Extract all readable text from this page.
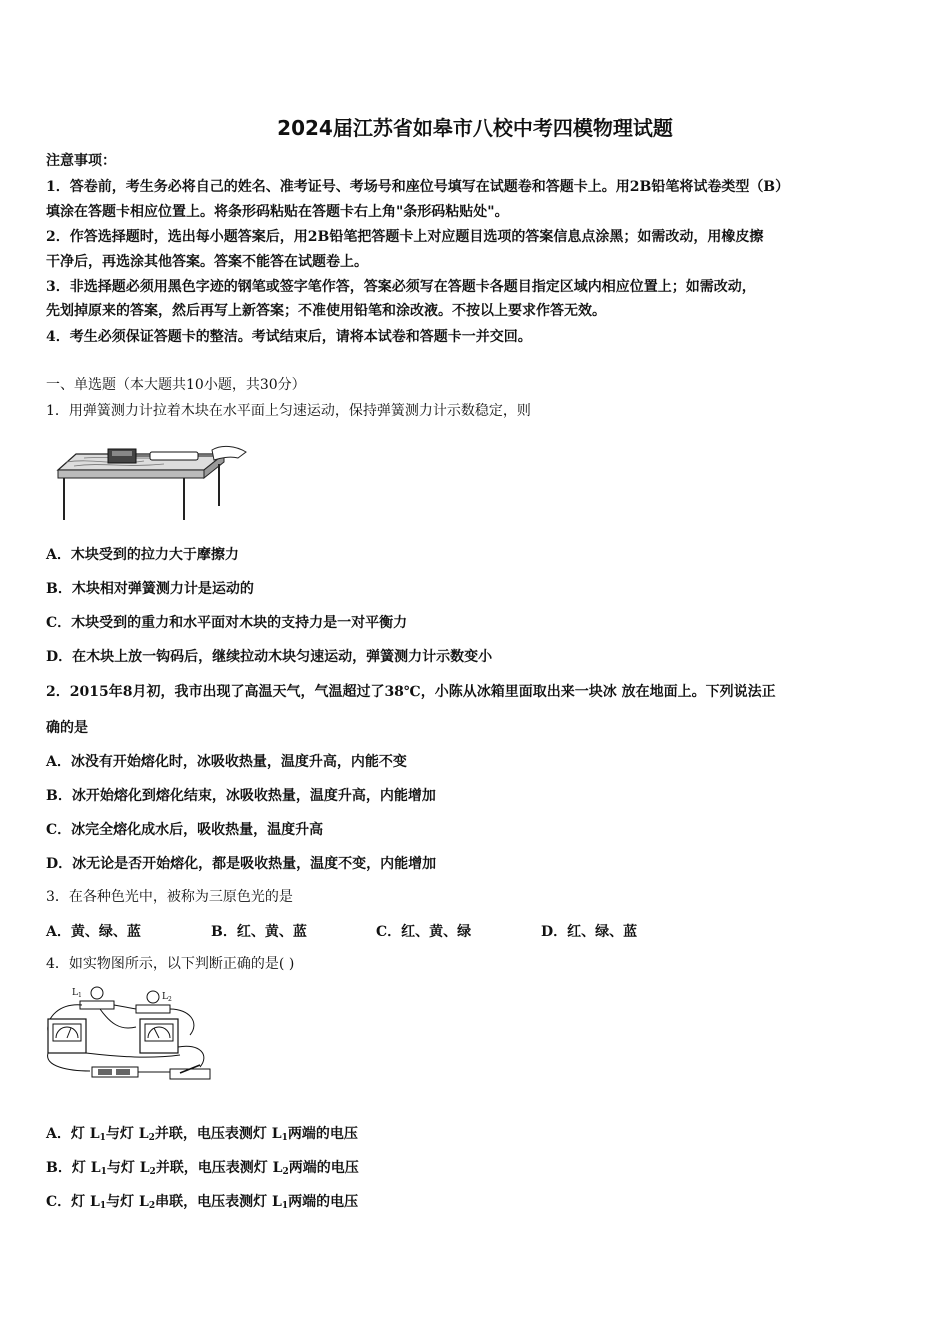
2024届江苏省如皋市八校中考四模物理试题
注意事项：
1．答卷前，考生务必将自己的姓名、准考证号、考场号和座位号填写在试题卷和答题卡上。用2B铅笔将试卷类型（B）
填涂在答题卡相应位置上。将条形码粘贴在答题卡右上角"条形码粘贴处"。
2．作答选择题时，选出每小题答案后，用2B铅笔把答题卡上对应题目选项的答案信息点涂黑；如需改动，用橡皮擦
干净后，再选涂其他答案。答案不能答在试题卷上。
3．非选择题必须用黑色字迹的钢笔或签字笔作答，答案必须写在答题卡各题目指定区域内相应位置上；如需改动，
先划掉原来的答案，然后再写上新答案；不准使用铅笔和涂改液。不按以上要求作答无效。
4．考生必须保证答题卡的整洁。考试结束后，请将本试卷和答题卡一并交回。
一、单选题（本大题共10小题，共30分）
1．用弹簧测力计拉着木块在水平面上匀速运动，保持弹簧测力计示数稳定，则
A．木块受到的拉力大于摩擦力
B．木块相对弹簧测力计是运动的
C．木块受到的重力和水平面对木块的支持力是一对平衡力
D．在木块上放一钩码后，继续拉动木块匀速运动，弹簧测力计示数变小
2．2015年8月初，我市出现了高温天气，气温超过了38℃，小陈从冰箱里面取出来一块冰 放在地面上。下列说法正
确的是
A．冰没有开始熔化时，冰吸收热量，温度升高，内能不变
B．冰开始熔化到熔化结束，冰吸收热量，温度升高，内能增加
C．冰完全熔化成水后，吸收热量，温度升高
D．冰无论是否开始熔化，都是吸收热量，温度不变，内能增加
3．在各种色光中，被称为三原色光的是
A．黄、绿、蓝	B．红、黄、蓝	C．红、黄、绿	D．红、绿、蓝
4．如实物图所示，以下判断正确的是( )
$L_1$	$L_2$
A．灯 $L_1$与灯 $L_2$并联，电压表测灯 $L_1$两端的电压
B．灯 $L_1$与灯 $L_2$并联，电压表测灯 $L_2$两端的电压
C．灯 $L_1$与灯 $L_2$串联，电压表测灯 $L_1$两端的电压
